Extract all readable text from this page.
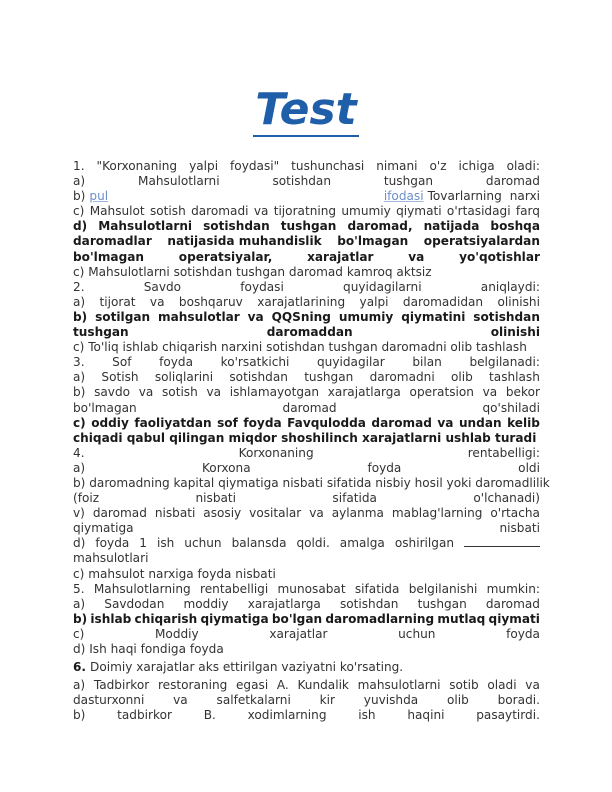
Test
1. "Korxonaning yalpi foydasi" tushunchasi nimani o'z ichiga oladi:
a)	Mahsulotlarni	sotishdan	tushgan	daromad
b) pul	ifodasi Tovarlarning narxi
c) Mahsulot sotish daromadi va tijoratning umumiy qiymati o'rtasidagi farq
d) Mahsulotlarni sotishdan tushgan daromad, natijada boshqa
daromadlar natijasida muhandislik bo'lmagan operatsiyalardan
bo'lmagan	operatsiyalar,	xarajatlar	va	yo'qotishlar
c) Mahsulotlarni sotishdan tushgan daromad kamroq aktsiz
2.	Savdo	foydasi	quyidagilarni	aniqlaydi:
a) tijorat va boshqaruv xarajatlarining yalpi daromadidan olinishi
b) sotilgan mahsulotlar va QQSning umumiy qiymatini sotishdan
tushgan	daromaddan	olinishi
c) To'liq ishlab chiqarish narxini sotishdan tushgan daromadni olib tashlash
3. Sof foyda ko'rsatkichi quyidagilar bilan belgilanadi:
a) Sotish soliqlarini sotishdan tushgan daromadni olib tashlash
b) savdo va sotish va ishlamayotgan xarajatlarga operatsion va bekor
bo'lmagan	daromad	qo'shiladi
c) oddiy faoliyatdan sof foyda Favqulodda daromad va undan kelib
chiqadi qabul qilingan miqdor shoshilinch xarajatlarni ushlab turadi
4.	Korxonaning	rentabelligi:
a)	Korxona	foyda	oldi
b) daromadning kapital qiymatiga nisbati sifatida nisbiy hosil yoki daromadlilik
(foiz	nisbati	sifatida	o'lchanadi)
v) daromad nisbati asosiy vositalar va aylanma mablag'larning o'rtacha
qiymatiga	nisbati
d) foyda 1 ish uchun balansda qoldi. amalga oshirilgan
mahsulotlari
c) mahsulot narxiga foyda nisbati
5. Mahsulotlarning rentabelligi munosabat sifatida belgilanishi mumkin:
a) Savdodan moddiy xarajatlarga sotishdan tushgan daromad
b) ishlab chiqarish qiymatiga bo'lgan daromadlarning mutlaq qiymati
c)	Moddiy	xarajatlar	uchun	foyda
d) Ish haqi fondiga foyda
6. Doimiy xarajatlar aks ettirilgan vaziyatni ko'rsating.
a) Tadbirkor restoraning egasi A. Kundalik mahsulotlarni sotib oladi va
dasturxonni va salfetkalarni kir yuvishda olib boradi.
b)	tadbirkor	B.	xodimlarning	ish	haqini	pasaytirdi.
